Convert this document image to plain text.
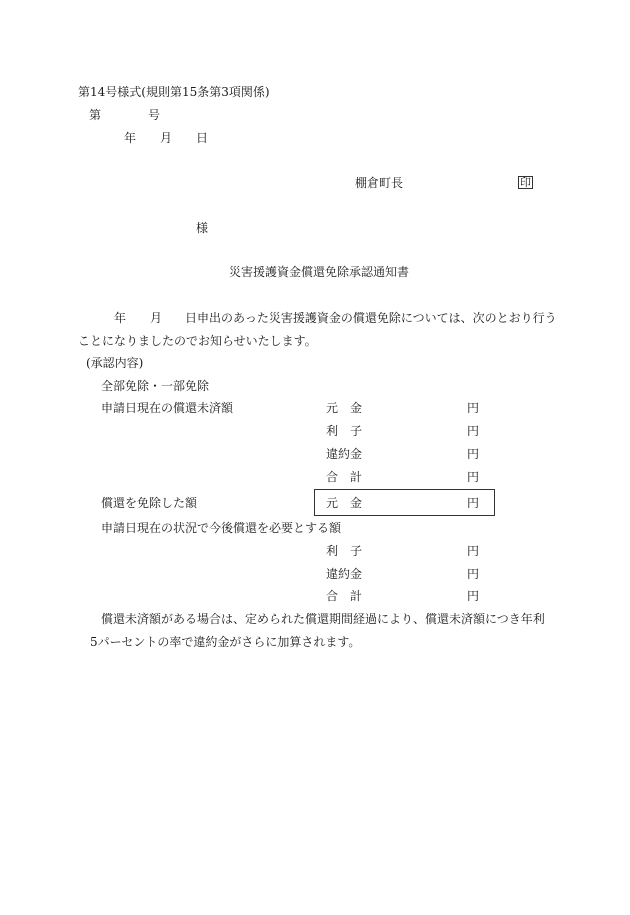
第14号様式(規則第15条第3項関係)
第	号
年 月 日
棚倉町長	印
様
災害援護資金償還免除承認通知書
年 月 日申出のあった災害援護資金の償還免除については、次のとおり行う
ことになりましたのでお知らせいたします。
(承認内容)
全部免除・一部免除
申請日現在の償還未済額	元　金	円
利　子	円
違約金	円
合　計	円
償還を免除した額	元　金	円
申請日現在の状況で今後償還を必要とする額
利　子	円
違約金	円
合　計	円
償還未済額がある場合は、定められた償還期間経過により、償還未済額につき年利
5パーセントの率で違約金がさらに加算されます。
